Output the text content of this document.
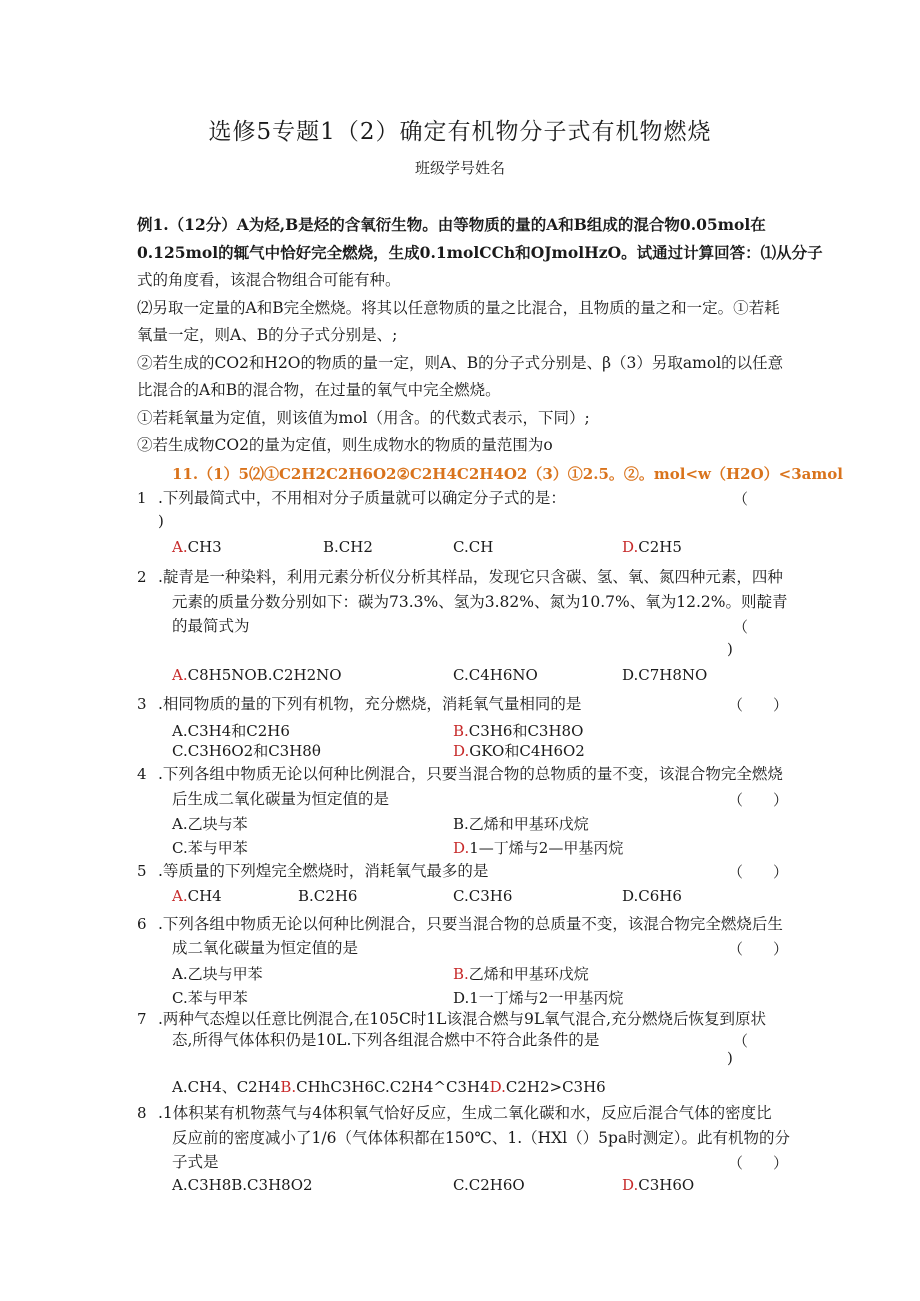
选修5专题1（2）确定有机物分子式有机物燃烧
班级学号姓名
例1.（12分）A为烃,B是烃的含氧衍生物。由等物质的量的A和B组成的混合物0.05mol在
0.125mol的辄气中恰好完全燃烧，生成0.1molCCh和OJmolHzO。试通过计算回答：⑴从分子
式的角度看，该混合物组合可能有种。
⑵另取一定量的A和B完全燃烧。将其以任意物质的量之比混合，且物质的量之和一定。①若耗
氧量一定，则A、B的分子式分别是、;
②若生成的CO2和H2O的物质的量一定，则A、B的分子式分别是、β（3）另取amol的以任意
比混合的A和B的混合物，在过量的氧气中完全燃烧。
①若耗氧量为定值，则该值为mol（用含。的代数式表示，下同）;
②若生成物CO2的量为定值，则生成物水的物质的量范围为o
11.（1）5⑵①C2H2C2H6O2②C2H4C2H4O2（3）①2.5。②。mol<w（H2O）<3amol
1 .下列最简式中，不用相对分子质量就可以确定分子式的是：	（
)
A.CH3	B.CH2	C.CH	D.C2H5
2 .靛青是一种染料，利用元素分析仪分析其样品，发现它只含碳、氢、氧、氮四种元素，四种
元素的质量分数分别如下：碳为73.3%、氢为3.82%、氮为10.7%、氧为12.2%。则靛青
的最简式为	（
)
A.C8H5NOB.C2H2NO	C.C4H6NO	D.C7H8NO
3 .相同物质的量的下列有机物，充分燃烧，消耗氧气量相同的是	（　　）
A.C3H4和C2H6	B.C3H6和C3H8O
C.C3H6O2和C3H8θ	D.GKO和C4H6O2
4 .下列各组中物质无论以何种比例混合，只要当混合物的总物质的量不变，该混合物完全燃烧
后生成二氧化碳量为恒定值的是	（　　）
A.乙块与苯	B.乙烯和甲基环戊烷
C.苯与甲苯	D.1—丁烯与2—甲基丙烷
5 .等质量的下列煌完全燃烧时，消耗氧气最多的是	（　　）
A.CH4	B.C2H6	C.C3H6	D.C6H6
6 .下列各组中物质无论以何种比例混合，只要当混合物的总质量不变，该混合物完全燃烧后生
成二氧化碳量为恒定值的是	（　　）
A.乙块与甲苯	B.乙烯和甲基环戊烷
C.苯与甲苯	D.1一丁烯与2一甲基丙烷
7 .两种气态煌以任意比例混合,在105C时1L该混合燃与9L氧气混合,充分燃烧后恢复到原状
态,所得气体体积仍是10L.下列各组混合燃中不符合此条件的是	（
)
A.CH4、C2H4B.CHhC3H6C.C2H4^C3H4D.C2H2>C3H6
8 .1体积某有机物蒸气与4体积氧气恰好反应，生成二氧化碳和水，反应后混合气体的密度比
反应前的密度减小了1/6（气体体积都在150℃、1.（HXl（）5pa时测定）。此有机物的分
子式是	（　　）
A.C3H8B.C3H8O2	C.C2H6O	D.C3H6O
